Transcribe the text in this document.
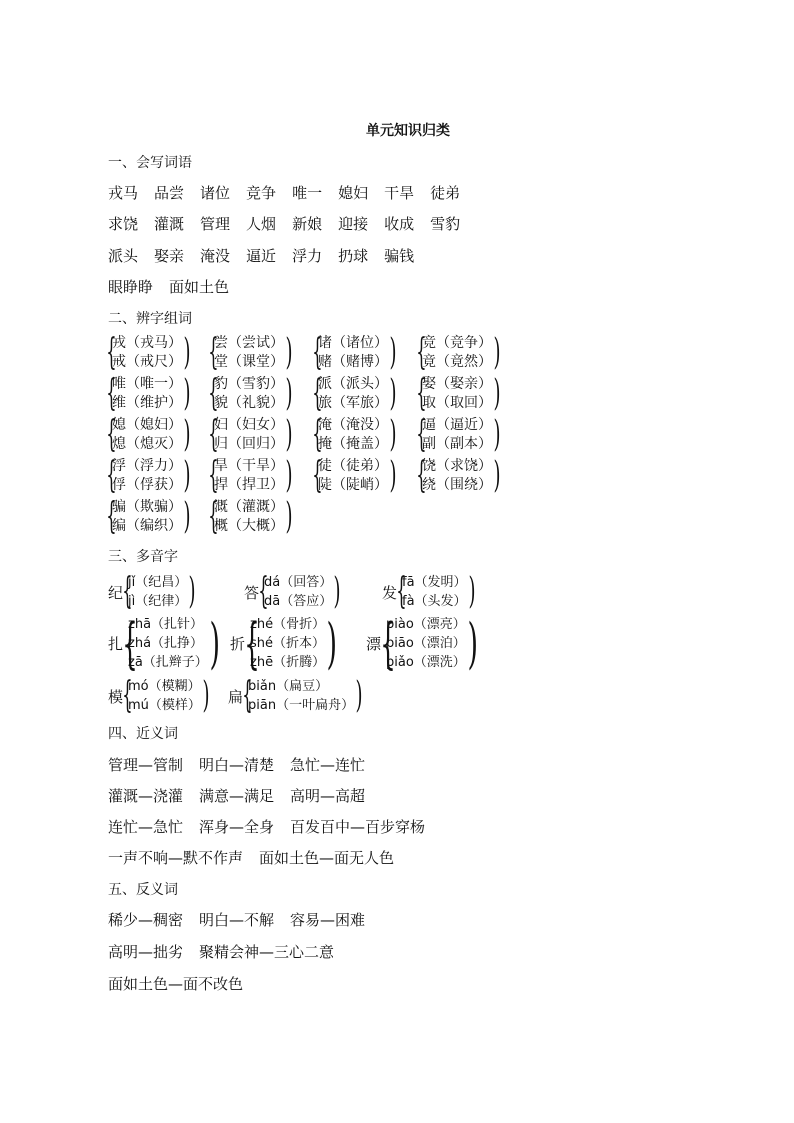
单元知识归类
一、会写词语
戎马 品尝 诸位 竞争 唯一 媳妇 干旱 徒弟
求饶 灌溉 管理 人烟 新娘 迎接 收成 雪豹
派头 娶亲 淹没 逼近 浮力 扔球 骗钱
眼睁睁 面如土色
二、辨字组词
{
戎（戎马）
戒（戒尺） ) {
尝（尝试）
堂（课堂） ) {
诸（诸位）
赌（赌博） ) {
竞（竞争）
竟（竟然） )
{
唯（唯一）
维（维护） ) {
豹（雪豹）
貌（礼貌） ) {
派（派头）
旅（军旅） ) {
娶（娶亲）
取（取回） )
{
媳（媳妇）
熄（熄灭） ) {
妇（妇女）
归（回归） ) {
淹（淹没）
掩（掩盖） ) {
逼（逼近）
副（副本） )
{
浮（浮力）
俘（俘获） ) {
旱（干旱）
捍（捍卫） ) {
徒（徒弟）
陡（陡峭） ) {
饶（求饶）
绕（围绕） )
{
骗（欺骗）
编（编织） ) {
溉（灌溉）
概（大概） )
三、多音字
纪 {
jǐ（纪昌）
jì（纪律） )	答 {
dá（回答）
dā（答应） )	发 {
fā（发明）
fà（头发） )
扎 {
zhā（扎针）
zhá（扎挣）
zā（扎辫子） ) 折 {
zhé（骨折）
shé（折本）
zhē（折腾） ) 漂 {
piào（漂亮）
piāo（漂泊）
piǎo（漂洗） )
模 {
mó（模糊）
mú（模样） ) 扁 {
biǎn（扁豆）
piān（一叶扁舟） )
四、近义词
管理—管制 明白—清楚 急忙—连忙
灌溉—浇灌 满意—满足 高明—高超
连忙—急忙 浑身—全身 百发百中—百步穿杨
一声不响—默不作声 面如土色—面无人色
五、反义词
稀少—稠密 明白—不解 容易—困难
高明—拙劣 聚精会神—三心二意
面如土色—面不改色
